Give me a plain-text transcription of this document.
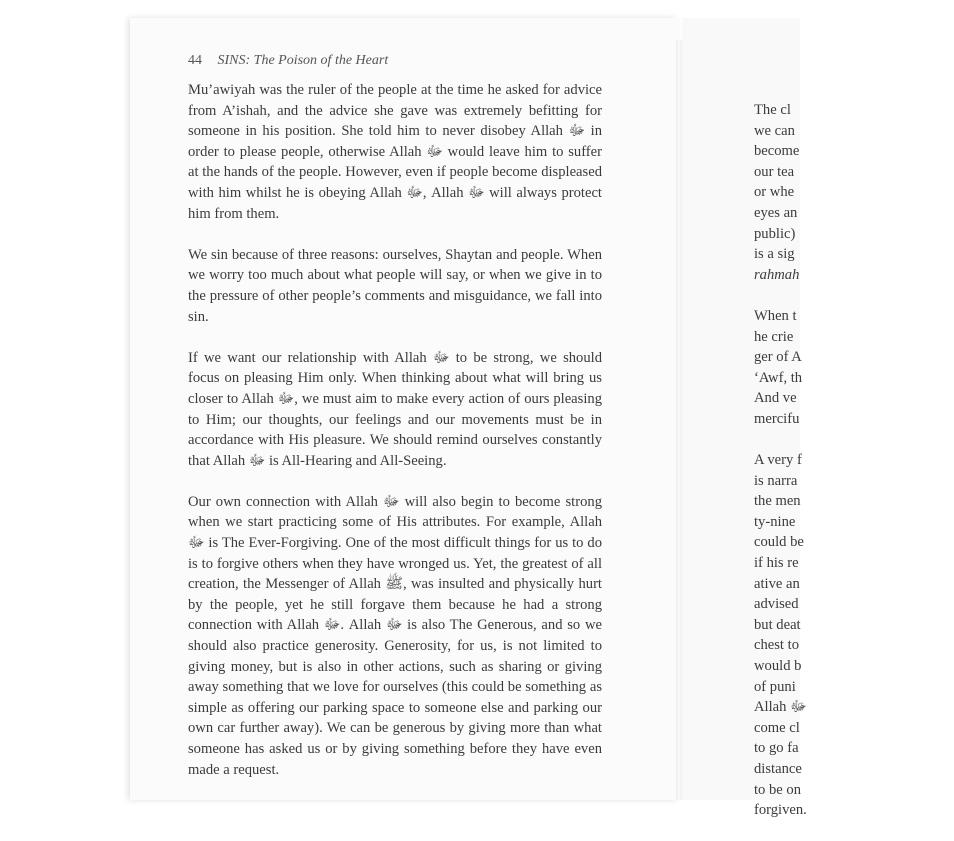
44 SINS: The Poison of the Heart

Mu’awiyah was the ruler of the people at the time he asked for advice from A’ishah, and the advice she gave was extremely befitting for someone in his position. She told him to never disobey Allah ﷻ in order to please people, otherwise Allah ﷻ would leave him to suffer at the hands of the people. However, even if people become displeased with him whilst he is obeying Allah ﷻ, Allah ﷻ will always protect him from them.

We sin because of three reasons: ourselves, Shaytan and people. When we worry too much about what people will say, or when we give in to the pressure of other people’s comments and misguidance, we fall into sin.

If we want our relationship with Allah ﷻ to be strong, we should focus on pleasing Him only. When thinking about what will bring us closer to Allah ﷻ, we must aim to make every action of ours pleasing to Him; our thoughts, our feelings and our movements must be in accordance with His pleasure. We should remind ourselves constantly that Allah ﷻ is All-Hearing and All-Seeing.

Our own connection with Allah ﷻ will also begin to become strong when we start practicing some of His attributes. For example, Allah ﷻ is The Ever-Forgiving. One of the most difficult things for us to do is to forgive others when they have wronged us. Yet, the greatest of all creation, the Messenger of Allah ﷺ, was insulted and physically hurt by the people, yet he still forgave them because he had a strong connection with Allah ﷻ. Allah ﷻ is also The Generous, and so we should also practice generosity. Generosity, for us, is not limited to giving money, but is also in other actions, such as sharing or giving away something that we love for ourselves (this could be something as simple as offering our parking space to someone else and parking our own car further away). We can be generous by giving more than what someone has asked us or by giving something before they have even made a request.

The cl
we can
become
our tea
or whe
eyes an
public)
is a sig
rahmah
When t
he crie
ger of A
‘Awf, th
And ve
mercifu
A very f
is narra
the men
ty-nine
could be
if his re
ative an
advised
but deat
chest to
would b
of puni
Allah ﷻ
come cl
to go fa
distance
to be on
forgiven.
